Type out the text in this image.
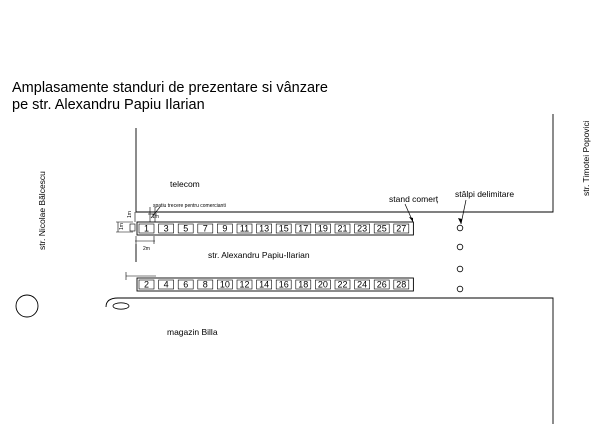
Amplasamente standuri de prezentare si vânzare
pe str. Alexandru Papiu Ilarian
spatiu trecere pentru comercianti
1m
1m
1m
2m
1 3 5 7 9 11 13 15 17 19 21 23 25 27
2 4 6 8 10 12 14 16 18 20 22 24 26 28
telecom
stand comerț stâlpi delimitare
str. Alexandru Papiu-Ilarian
magazin Billa
str. Nicolae Bălcescu
str. Timotei Popovici
